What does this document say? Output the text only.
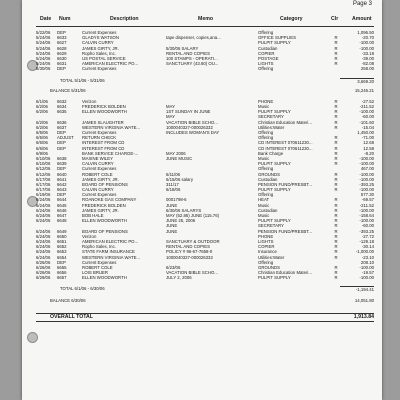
Page 3
Date Num	Description	Memo	Category	Clr	Amount
5/22/06	DEP	Current Expenses	Offering	1,096.50
5/24/06	6633	GLADYS WATSON	tape dispenser, copies,ana...	OFFICE SUPPLIES	R	-20.70
5/24/06	6627	CALVIN CURRY	PULPIT SUPPLY	R	-100.00
5/24/06	6628	JAMES GIRTY, JR.	5/30/06 SALARY	Custodian	R	-100.00
5/24/06	6629	Ropho Sales, Inc.	RENTAL AND COPIES	COPIER	R	-33.18
5/24/06	6630	US POSTAL SERVICE	100 STAMPS - OPERATI...	POSTAGE	R	-39.00
5/24/06	6631	AMERICAN ELECTRIC PO...	SANCTUARY (43.60) OU...	LIGHTS	R	-82.08
5/30/06	DEP	Current Expenses	Offering	258.00
TOTAL 5/1/06 - 5/31/06	3,669.20
BALANCE 5/31/06	15,246.21
6/1/06	6632	Verizon	PHONE	R	-27.52
6/2/06	6634	FREDERICK BOLDEN	MAY	Music	R	-211.52
6/2/06	6635	ELLEN WOODWORTH	1ST SUNDAY IN JUNE	PULPIT SUPPLY	R	-100.00
MAY	SECRETARY	R	-60.00
6/2/06	6636	JAMES SLAUGHTER	VACATION BIBLE SCHO...	Christian Education Materi...	R	-101.60
6/2/06	6637	WESTERN VIRGINIA WATE...	1000040327-000026332	Utilities:Water	R	-15.04
6/5/06	DEP	Current Expenses	INCLUDES WOMAN'S DAY	Offering	1,450.00
6/5/06	ADJUST	RETURN CHECK	Offering	R	-71.00
6/6/06	DEP	INTEREST FROM CD	CD INTEREST 070611230...	R	12.68
6/6/06	DEP	INTEREST FROM CD	CD INTEREST 070611230...	R	12.58
6/9/06	BANK SERVICE CHARGE-...	MAY 2006	Bank Charge	R	-8.20
6/10/06	6638	MAXINE WILEY	JUNE MUSIC	Music	R	-100.00
6/10/06	6639	CALVIN CURRY	PULPIT SUPPLY	R	-100.00
6/12/06	DEP	Current Expenses	Offering	467.00
6/12/06	6640	ROBERT COLE	6/11/06	GROUNDS	R	-100.00
6/17/06	6641	JAMES GIRTY, JR.	6/15/06 salary	Custodian	R	-100.00
6/17/06	6642	BOARD OF PENSIONS	311/17	PENSION FUND/PRESBT...	R	-393.25
6/17/06	6643	CALVIN CURRY	6/18/06	PULPIT SUPPLY	R	-100.00
6/19/06	DEP	Current Expenses	Offering	577.30
6/24/06	6644	ROANOKE GAS COMPANY	0001798-6	HEAT	R	-69.57
6/24/06	6645	FREDERICK BOLDEN	JUNE	Music	R	-211.52
6/24/06	6646	JAMES GIRTY, JR.	6/30/06 SALARYS	Custodian	R	-100.00
6/24/06	6647	BOB HALE	MAY (52.86) JUNE (115.76)	Music	R	-158.64
6/24/06	6648	ELLEN WOODWORTH	JUNE 25, 2006	PULPIT SUPPLY	R	-100.00
JUNE	SECRETARY	R	-60.00
6/24/06	6649	BOARD OF PENSIONS	JUNE	PENSION FUND/PRESBT...	R	-393.25
6/24/06	6650	Verizon	PHONE	R	-27.72
6/24/06	6651	AMERICAN ELECTRIC PO...	SANCTUARY & OUTDOOR	LIGHTS	R	-129.18
6/24/06	6652	Ropho Sales, Inc.	RENTAL AND COPIES	COPIER	R	-30.14
6/24/06	6653	STATE FARM INSURANCE	POLICY # 96-67-7658-0	Insurance	R	-1,000.00
6/24/06	6654	WESTERN VIRGINIA WATE...	1000040327-000026332	Utilities:Water	R	-23.10
6/26/06	DEP	Current Expenses	Offering	208.10
6/26/06	6655	ROBERT COLE	6/23/06	GROUNDS	R	-100.00
6/26/06	6656	LOIS BRUER	VACATION BIBLE SCHO...	Christian Education Materi...	R	-19.57
6/29/06	6657	ELLEN WOODWORTH	JULY 2, 2006	PULPIT SUPPLY	R	-100.00
TOTAL 6/1/06 - 6/30/06	-1,194.41
BALANCE 6/30/06	14,051.80
OVERALL TOTAL	1,913.84
